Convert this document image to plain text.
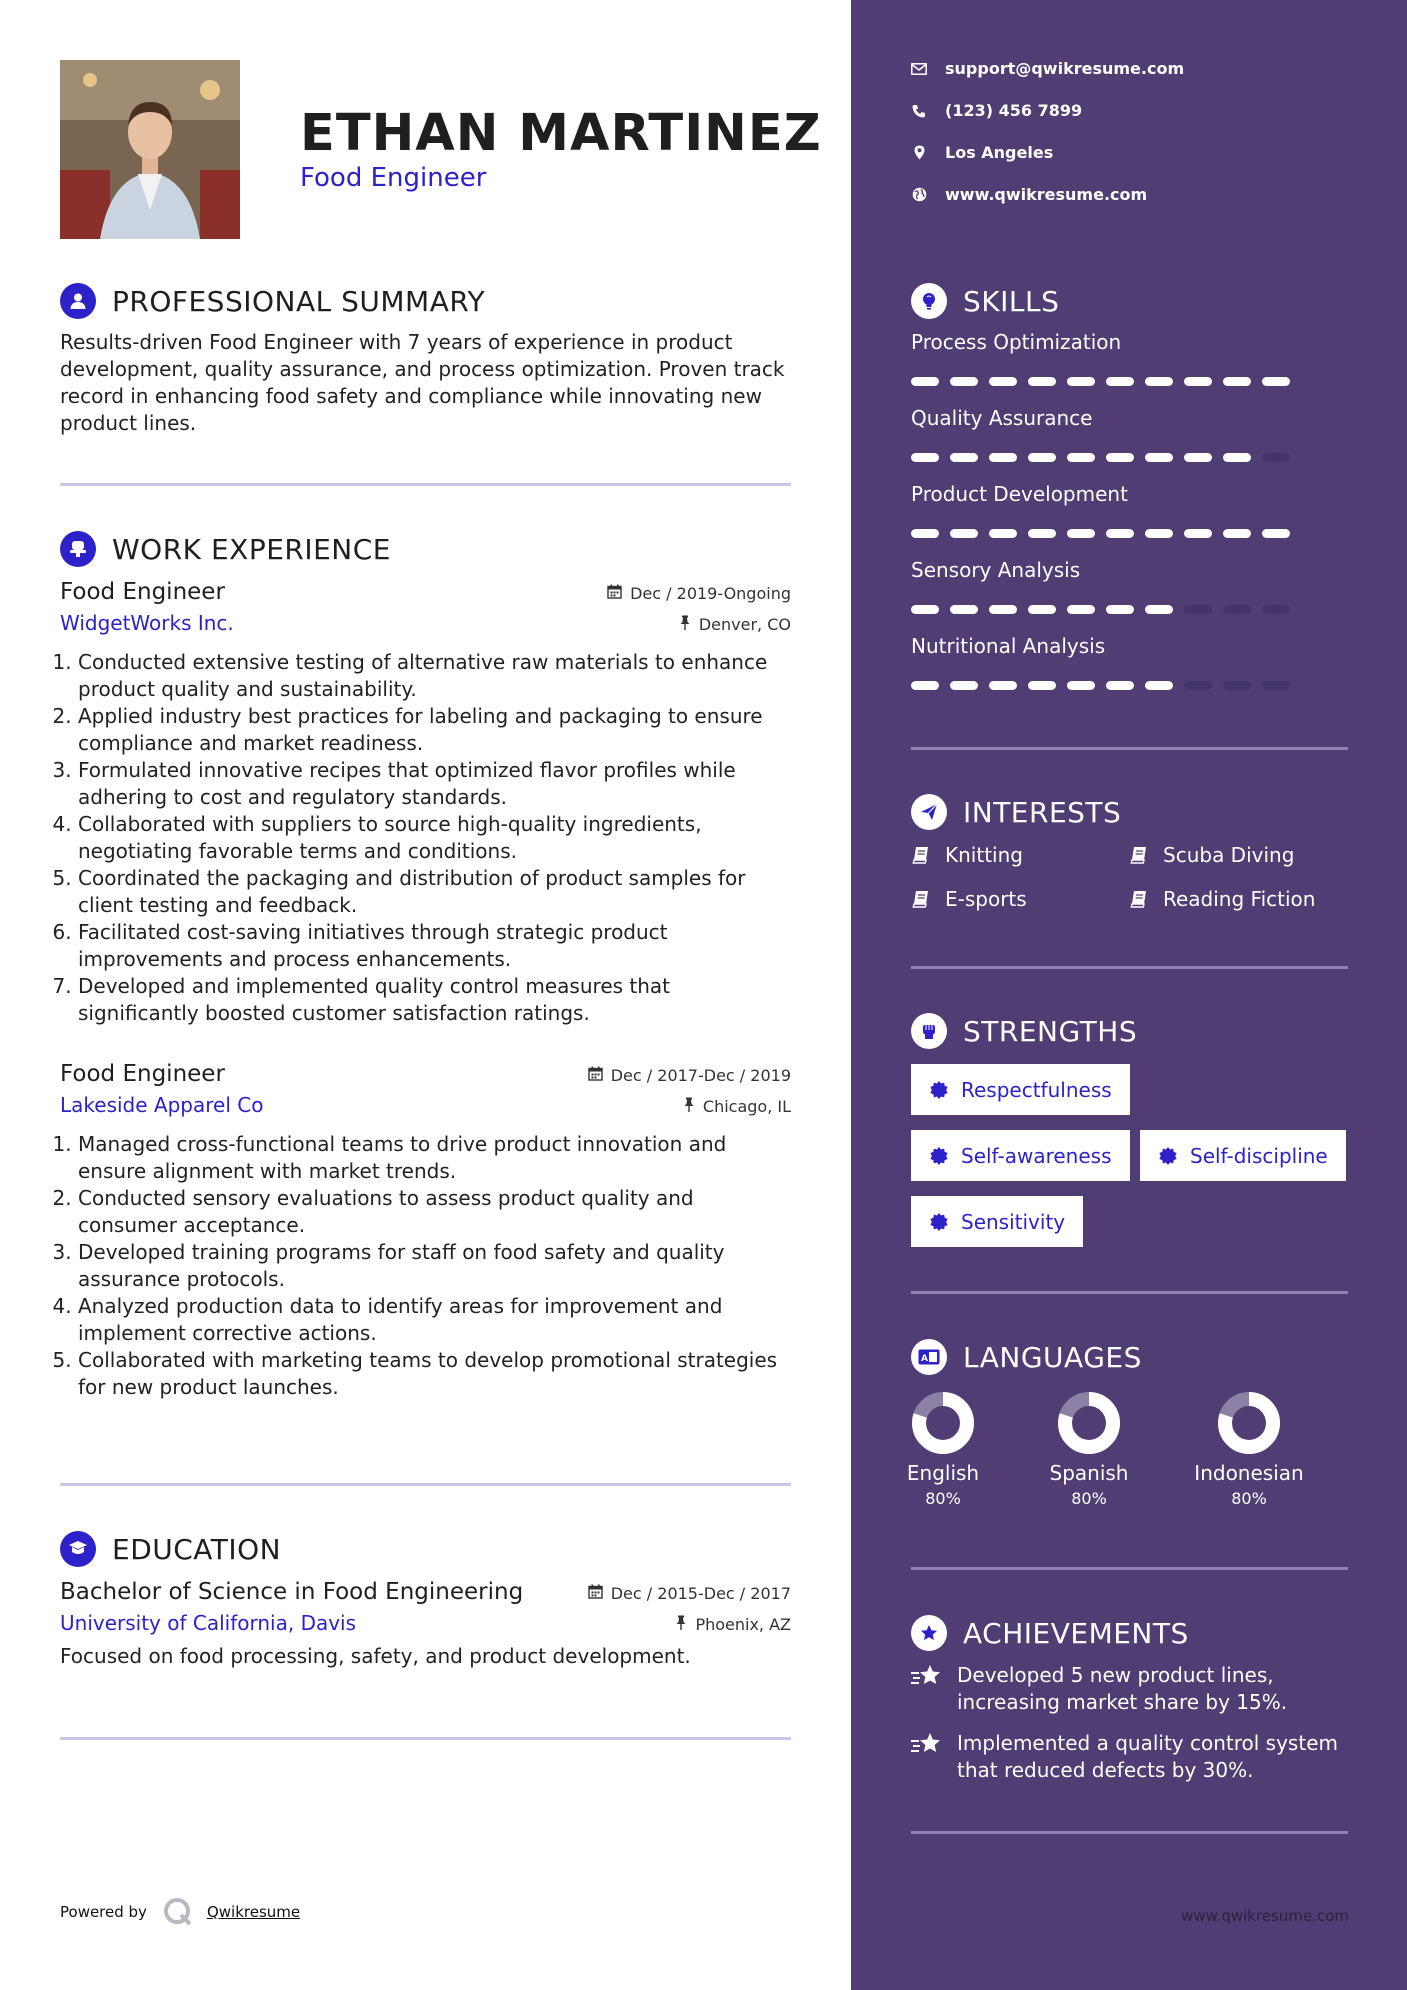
ETHAN MARTINEZ
Food Engineer
PROFESSIONAL SUMMARY

Results-driven Food Engineer with 7 years of experience in product development, quality assurance, and process optimization. Proven track record in enhancing food safety and compliance while innovating new product lines.

WORK EXPERIENCE
Food Engineer	Dec / 2019-Ongoing
WidgetWorks Inc.	Denver, CO
1. Conducted extensive testing of alternative raw materials to enhance product quality and sustainability.
2. Applied industry best practices for labeling and packaging to ensure compliance and market readiness.
3. Formulated innovative recipes that optimized flavor profiles while adhering to cost and regulatory standards.
4. Collaborated with suppliers to source high-quality ingredients, negotiating favorable terms and conditions.
5. Coordinated the packaging and distribution of product samples for client testing and feedback.
6. Facilitated cost-saving initiatives through strategic product improvements and process enhancements.
7. Developed and implemented quality control measures that significantly boosted customer satisfaction ratings.
Food Engineer	Dec / 2017-Dec / 2019
Lakeside Apparel Co	Chicago, IL
1. Managed cross-functional teams to drive product innovation and ensure alignment with market trends.
2. Conducted sensory evaluations to assess product quality and consumer acceptance.
3. Developed training programs for staff on food safety and quality assurance protocols.
4. Analyzed production data to identify areas for improvement and implement corrective actions.
5. Collaborated with marketing teams to develop promotional strategies for new product launches.
EDUCATION
Bachelor of Science in Food Engineering	Dec / 2015-Dec / 2017
University of California, Davis	Phoenix, AZ

Focused on food processing, safety, and product development.

Powered by	Qwikresume
support@qwikresume.com
(123) 456 7899
Los Angeles
www.qwikresume.com
SKILLS
Process Optimization
Quality Assurance
Product Development
Sensory Analysis
Nutritional Analysis
INTERESTS
Knitting	Scuba Diving
E-sports	Reading Fiction
STRENGTHS
Respectfulness
Self-awareness	Self-discipline
Sensitivity
A LANGUAGES
English
80%
Spanish
80%
Indonesian
80%
ACHIEVEMENTS
Developed 5 new product lines, increasing market share by 15%.
Implemented a quality control system that reduced defects by 30%.
www.qwikresume.com
